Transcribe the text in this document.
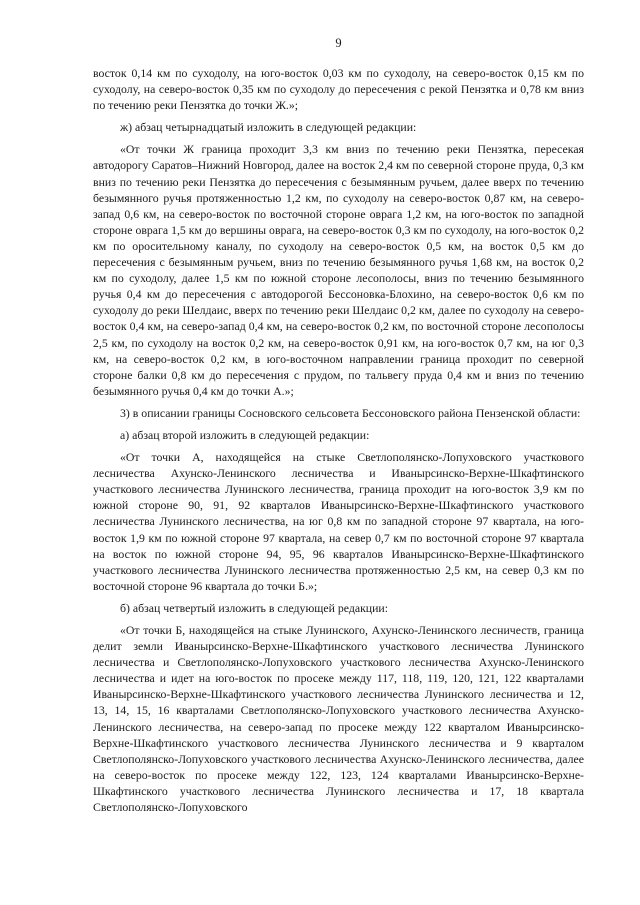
9

восток 0,14 км по суходолу, на юго-восток 0,03 км по суходолу, на северо-восток 0,15 км по суходолу, на северо-восток 0,35 км по суходолу до пересечения с рекой Пензятка и 0,78 км вниз по течению реки Пензятка до точки Ж.»;

ж) абзац четырнадцатый изложить в следующей редакции:

«От точки Ж граница проходит 3,3 км вниз по течению реки Пензятка, пересекая автодорогу Саратов–Нижний Новгород, далее на восток 2,4 км по северной стороне пруда, 0,3 км вниз по течению реки Пензятка до пересечения с безымянным ручьем, далее вверх по течению безымянного ручья протяженностью 1,2 км, по суходолу на северо-восток 0,87 км, на северо-запад 0,6 км, на северо-восток по восточной стороне оврага 1,2 км, на юго-восток по западной стороне оврага 1,5 км до вершины оврага, на северо-восток 0,3 км по суходолу, на юго-восток 0,2 км по оросительному каналу, по суходолу на северо-восток 0,5 км, на восток 0,5 км до пересечения с безымянным ручьем, вниз по течению безымянного ручья 1,68 км, на восток 0,2 км по суходолу, далее 1,5 км по южной стороне лесополосы, вниз по течению безымянного ручья 0,4 км до пересечения с автодорогой Бессоновка-Блохино, на северо-восток 0,6 км по суходолу до реки Шелдаис, вверх по течению реки Шелдаис 0,2 км, далее по суходолу на северо-восток 0,4 км, на северо-запад 0,4 км, на северо-восток 0,2 км, по восточной стороне лесополосы 2,5 км, по суходолу на восток 0,2 км, на северо-восток 0,91 км, на юго-восток 0,7 км, на юг 0,3 км, на северо-восток 0,2 км, в юго-восточном направлении граница проходит по северной стороне балки 0,8 км до пересечения с прудом, по тальвегу пруда 0,4 км и вниз по течению безымянного ручья 0,4 км до точки А.»;

3) в описании границы Сосновского сельсовета Бессоновского района Пензенской области:

а) абзац второй изложить в следующей редакции:

«От точки А, находящейся на стыке Светлополянско-Лопуховского участкового лесничества Ахунско-Ленинского лесничества и Иванырсинско-Верхне-Шкафтинского участкового лесничества Лунинского лесничества, граница проходит на юго-восток 3,9 км по южной стороне 90, 91, 92 кварталов Иванырсинско-Верхне-Шкафтинского участкового лесничества Лунинского лесничества, на юг 0,8 км по западной стороне 97 квартала, на юго-восток 1,9 км по южной стороне 97 квартала, на север 0,7 км по восточной стороне 97 квартала на восток по южной стороне 94, 95, 96 кварталов Иванырсинско-Верхне-Шкафтинского участкового лесничества Лунинского лесничества протяженностью 2,5 км, на север 0,3 км по восточной стороне 96 квартала до точки Б.»;

б) абзац четвертый изложить в следующей редакции:

«От точки Б, находящейся на стыке Лунинского, Ахунско-Ленинского лесничеств, граница делит земли Иванырсинско-Верхне-Шкафтинского участкового лесничества Лунинского лесничества и Светлополянско-Лопуховского участкового лесничества Ахунско-Ленинского лесничества и идет на юго-восток по просеке между 117, 118, 119, 120, 121, 122 кварталами Иванырсинско-Верхне-Шкафтинского участкового лесничества Лунинского лесничества и 12, 13, 14, 15, 16 кварталами Светлополянско-Лопуховского участкового лесничества Ахунско-Ленинского лесничества, на северо-запад по просеке между 122 кварталом Иванырсинско-Верхне-Шкафтинского участкового лесничества Лунинского лесничества и 9 кварталом Светлополянско-Лопуховского участкового лесничества Ахунско-Ленинского лесничества, далее на северо-восток по просеке между 122, 123, 124 кварталами Иванырсинско-Верхне-Шкафтинского участкового лесничества Лунинского лесничества и 17, 18 квартала Светлополянско-Лопуховского
